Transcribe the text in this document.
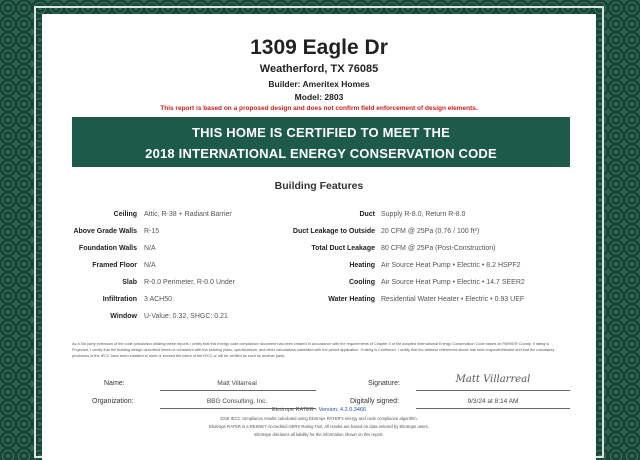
1309 Eagle Dr
Weatherford, TX 76085
Builder: Ameritex Homes
Model: 2803
This report is based on a proposed design and does not confirm field enforcement of design elements.
THIS HOME IS CERTIFIED TO MEET THE
2018 INTERNATIONAL ENERGY CONSERVATION CODE
Building Features
Ceiling Attic, R-38 + Radiant Barrier
Above Grade Walls R-15
Foundation Walls N/A
Framed Floor N/A
Slab R-0.0 Perimeter, R-0.0 Under
Infiltration 3 ACH50
Window U-Value: 0.32, SHGC: 0.21
Duct Supply R-8.0, Return R-8.0
Duct Leakage to Outside 20 CFM @ 25Pa (0.76 / 100 ft²)
Total Duct Leakage 80 CFM @ 25Pa (Post-Construction)
Heating Air Source Heat Pump • Electric • 8.2 HSPF2
Cooling Air Source Heat Pump • Electric • 14.7 SEER2
Water Heating Residential Water Heater • Electric • 0.93 UEF
As a 3rd party extension of the code jurisdiction utilizing these reports I certify that this energy code compliance document has been created in accordance with the requirements of Chapter 4 of the adopted International Energy Conservation Code based on PARKER County. If rating is Projected, I certify that the building design described herein is consistent with the building plans, specifications, and other calculations submitted with the permit application. If rating is Confirmed, I certify that the address referenced above has been inspected/tested and that the mandatory provisions of the IECC have been installed to meet or exceed the intent of the IECC or will be verified as such by another party.
Name:	Matt Villarreal	Signature:	Matt Villarreal
Organization:	BBG Consulting, Inc.	Digitally signed:	9/3/24 at 8:14 AM
Ekotrope RATER - Version: 4.2.0.3466
2018 IECC compliance results calculated using Ekotrope RATER's energy and code compliance algorithm.
Ekotrope RATER is a RESNET Accredited HERS Rating Tool. All results are based on data entered by Ekotrope users.
Ekotrope disclaims all liability for the information shown on this report.
